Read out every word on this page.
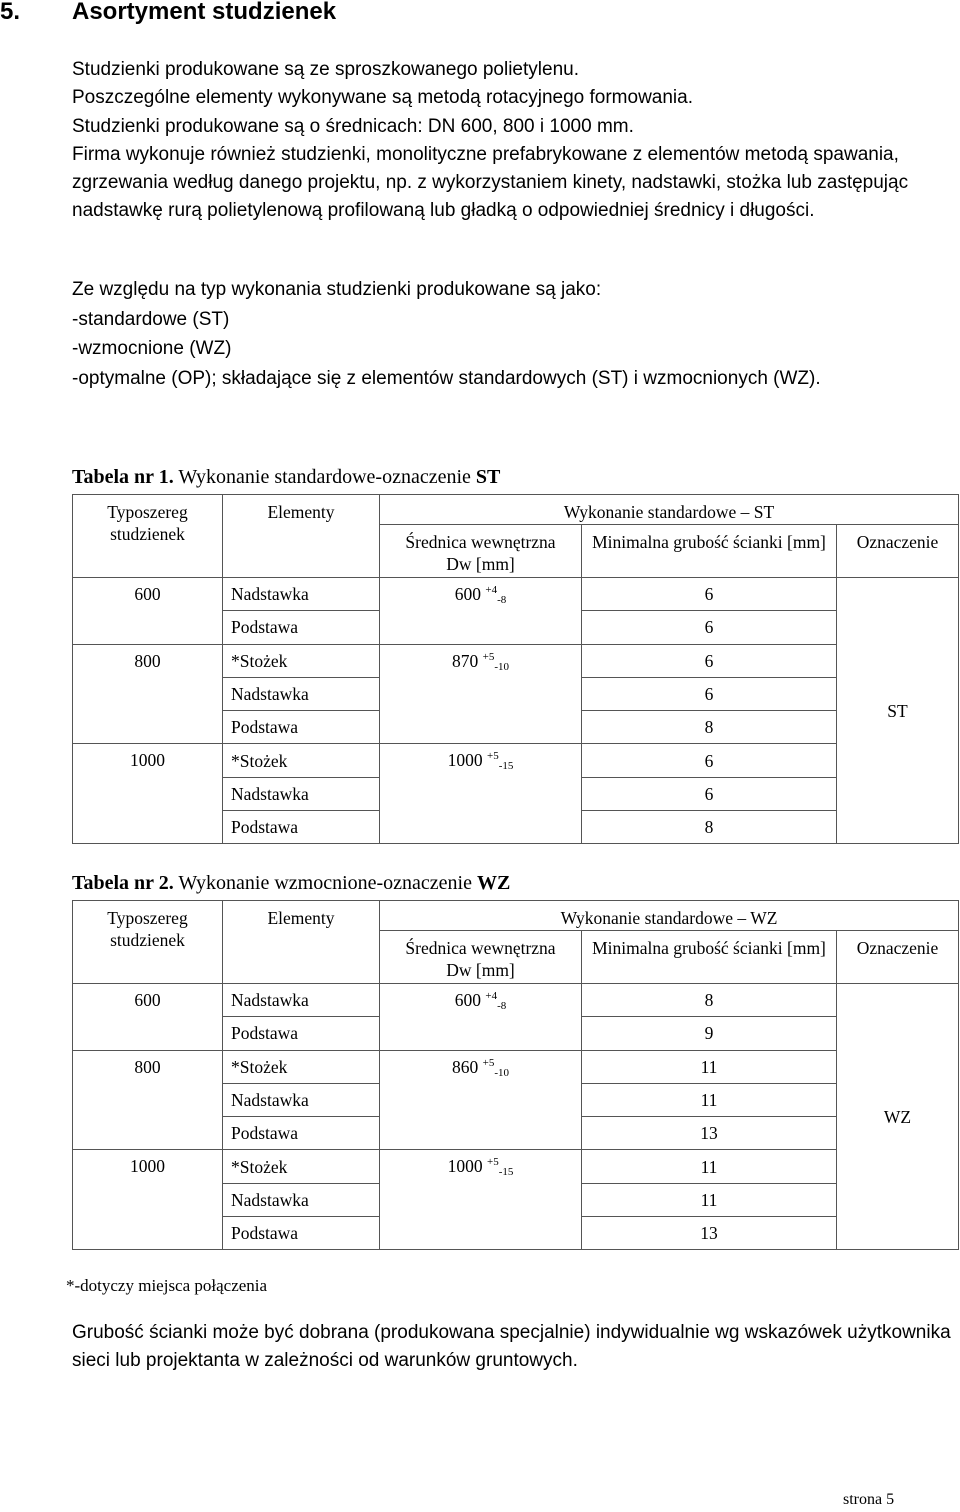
5. Asortyment studzienek

Studzienki produkowane są ze sproszkowanego polietylenu.

Poszczególne elementy wykonywane są metodą rotacyjnego formowania.

Studzienki produkowane są o średnicach: DN 600, 800 i 1000 mm.

Firma wykonuje również studzienki, monolityczne prefabrykowane z elementów metodą spawania, zgrzewania według danego projektu, np. z wykorzystaniem kinety, nadstawki, stożka lub zastępując nadstawkę rurą polietylenową profilowaną lub gładką o odpowiedniej średnicy i długości.

Ze względu na typ wykonania studzienki produkowane są jako:

-standardowe (ST)

-wzmocnione (WZ)

-optymalne (OP); składające się z elementów standardowych (ST) i wzmocnionych (WZ).

Tabela nr 1. Wykonanie standardowe-oznaczenie ST
Typoszereg studzienek	Elementy	Wykonanie standardowe – ST		
		Średnica wewnętrzna Dw [mm]	Minimalna grubość ścianki [mm]	Oznaczenie
600	Nadstawka	600 $^{+4}_{-8}$	6	ST
	Podstawa		6	
800	*Stożek	870 $^{+5}_{-10}$	6	
	Nadstawka		6	
	Podstawa		8	
1000	*Stożek	1000 $^{+5}_{-15}$	6	
	Nadstawka		6	
	Podstawa		8	
Tabela nr 2. Wykonanie wzmocnione-oznaczenie WZ
Typoszereg studzienek	Elementy	Wykonanie standardowe – WZ		
		Średnica wewnętrzna Dw [mm]	Minimalna grubość ścianki [mm]	Oznaczenie
600	Nadstawka	600 $^{+4}_{-8}$	8	WZ
	Podstawa		9	
800	*Stożek	860 $^{+5}_{-10}$	11	
	Nadstawka		11	
	Podstawa		13	
1000	*Stożek	1000 $^{+5}_{-15}$	11	
	Nadstawka		11	
	Podstawa		13	
*-dotyczy miejsca połączenia

Grubość ścianki może być dobrana (produkowana specjalnie) indywidualnie wg wskazówek użytkownika sieci lub projektanta w zależności od warunków gruntowych.

strona 5
